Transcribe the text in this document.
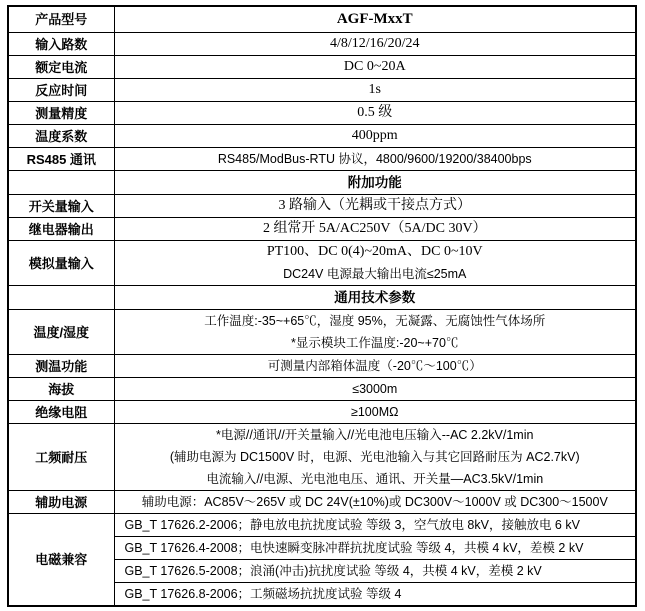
产品型号	AGF-MxxT

输入路数	4/8/12/16/20/24

额定电流	DC 0~20A

反应时间	1s

测量精度	0.5 级

温度系数	400ppm

RS485 通讯	RS485/ModBus-RTU 协议，4800/9600/19200/38400bps

	附加功能

开关量输入	3 路输入（光耦或干接点方式）

继电器输出	2 组常开 5A/AC250V（5A/DC 30V）

模拟量输入	PT100、DC 0(4)~20mA、DC 0~10V
DC24V 电源最大输出电流≤25mA

	通用技术参数

温度/湿度	工作温度:-35~+65℃，湿度 95%，无凝露、无腐蚀性气体场所
*显示模块工作温度:-20~+70℃

测温功能	可测量内部箱体温度（-20℃～100℃）

海拔	≤3000m

绝缘电阻	≥100MΩ

工频耐压	*电源//通讯//开关量输入//光电池电压输入--AC 2.2kV/1min
(辅助电源为 DC1500V 时，电源、光电池输入与其它回路耐压为 AC2.7kV)
电流输入//电源、光电池电压、通讯、开关量—AC3.5kV/1min

辅助电源	辅助电源：AC85V～265V 或 DC 24V(±10%)或 DC300V～1000V 或 DC300～1500V

电磁兼容	GB_T 17626.2-2006；静电放电抗扰度试验 等级 3，空气放电 8kV，接触放电 6 kV

	GB_T 17626.4-2008；电快速瞬变脉冲群抗扰度试验 等级 4，共模 4 kV，差模 2 kV

	GB_T 17626.5-2008；浪涌(冲击)抗扰度试验 等级 4，共模 4 kV，差模 2 kV

	GB_T 17626.8-2006；工频磁场抗扰度试验 等级 4
